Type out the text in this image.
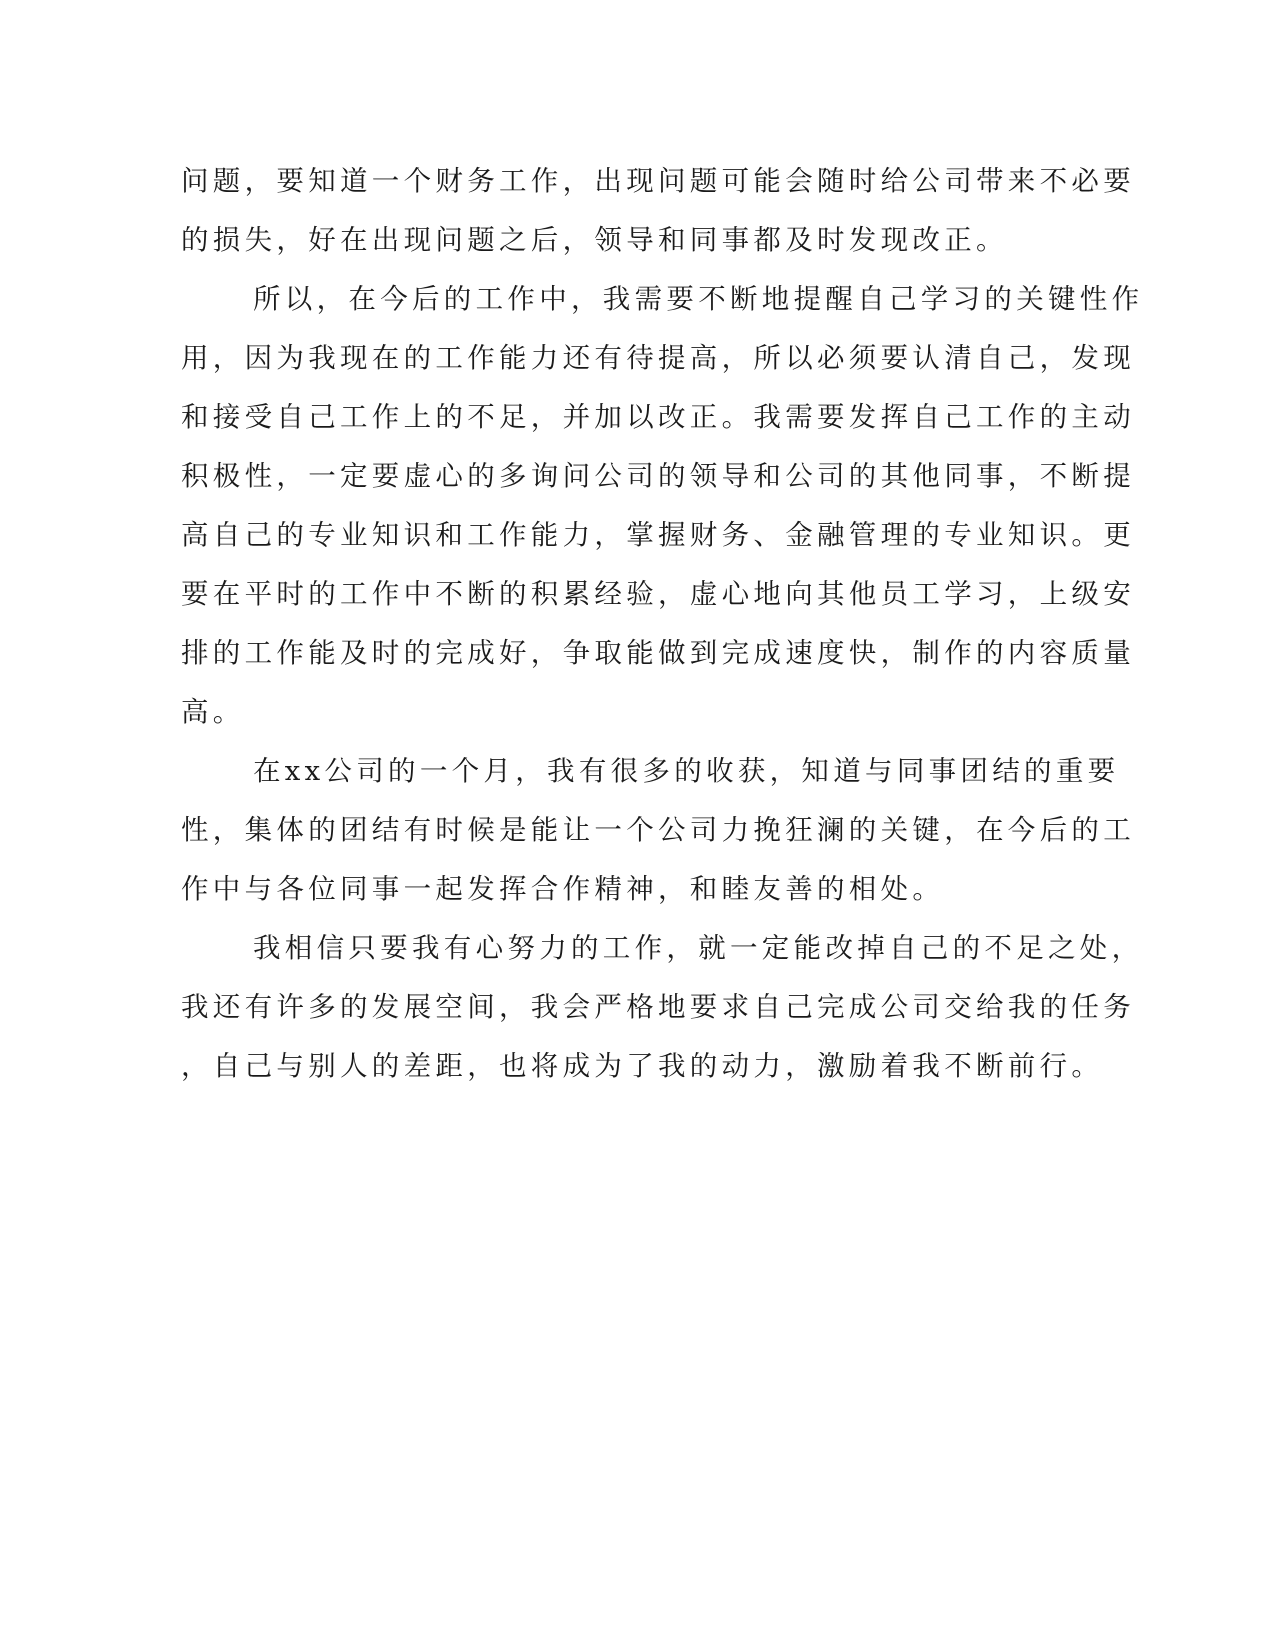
问题，要知道一个财务工作，出现问题可能会随时给公司带来不必要
的损失，好在出现问题之后，领导和同事都及时发现改正。
所以，在今后的工作中，我需要不断地提醒自己学习的关键性作
用，因为我现在的工作能力还有待提高，所以必须要认清自己，发现
和接受自己工作上的不足，并加以改正。我需要发挥自己工作的主动
积极性，一定要虚心的多询问公司的领导和公司的其他同事，不断提
高自己的专业知识和工作能力，掌握财务、金融管理的专业知识。更
要在平时的工作中不断的积累经验，虚心地向其他员工学习，上级安
排的工作能及时的完成好，争取能做到完成速度快，制作的内容质量
高。
在xx公司的一个月，我有很多的收获，知道与同事团结的重要
性，集体的团结有时候是能让一个公司力挽狂澜的关键，在今后的工
作中与各位同事一起发挥合作精神，和睦友善的相处。
我相信只要我有心努力的工作，就一定能改掉自己的不足之处，
我还有许多的发展空间，我会严格地要求自己完成公司交给我的任务
，自己与别人的差距，也将成为了我的动力，激励着我不断前行。
